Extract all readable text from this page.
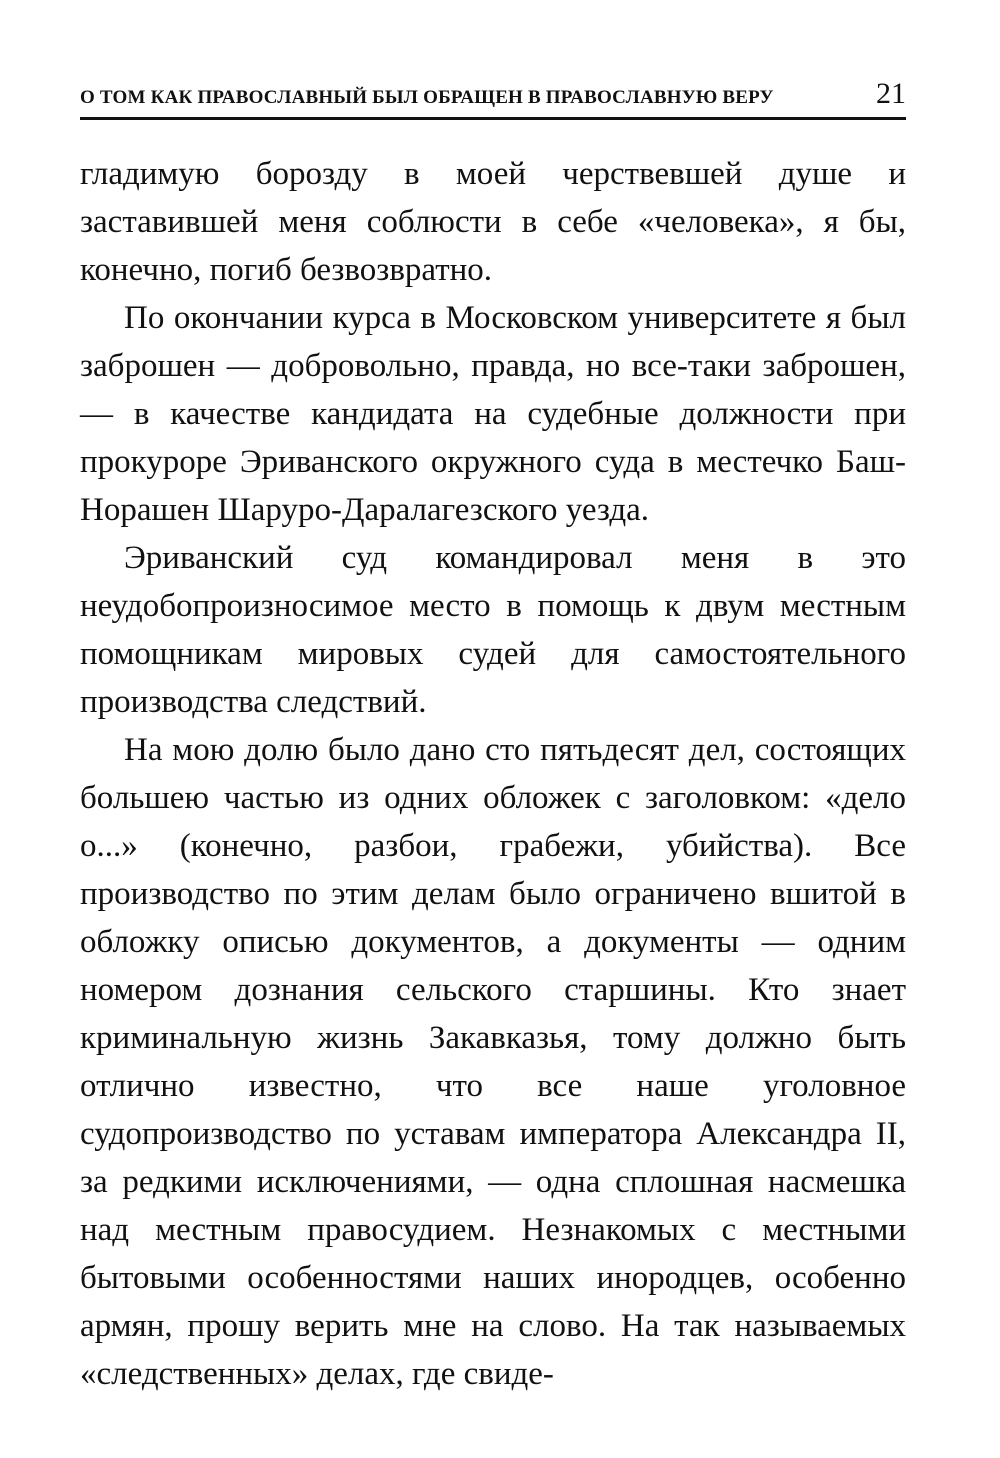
О ТОМ КАК ПРАВОСЛАВНЫЙ БЫЛ ОБРАЩЕН В ПРАВОСЛАВНУЮ ВЕРУ	21

гладимую борозду в моей черствевшей душе и заставившей меня соблюсти в себе «человека», я бы, конечно, погиб безвозвратно.

По окончании курса в Московском университете я был заброшен — добровольно, правда, но все-таки заброшен, — в качестве кандидата на судебные должности при прокуроре Эриванского окружного суда в местечко Баш-Норашен Шаруро-Даралагезского уезда.

Эриванский суд командировал меня в это неудобопроизносимое место в помощь к двум местным помощникам мировых судей для самостоятельного производства следствий.

На мою долю было дано сто пятьдесят дел, состоящих большею частью из одних обложек с заголовком: «дело о...» (конечно, разбои, грабежи, убийства). Все производство по этим делам было ограничено вшитой в обложку описью документов, а документы — одним номером дознания сельского старшины. Кто знает криминальную жизнь Закавказья, тому должно быть отлично известно, что все наше уголовное судопроизводство по уставам императора Александра II, за редкими исключениями, — одна сплошная насмешка над местным правосудием. Незнакомых с местными бытовыми особенностями наших инородцев, особенно армян, прошу верить мне на слово. На так называемых «следственных» делах, где свиде-
